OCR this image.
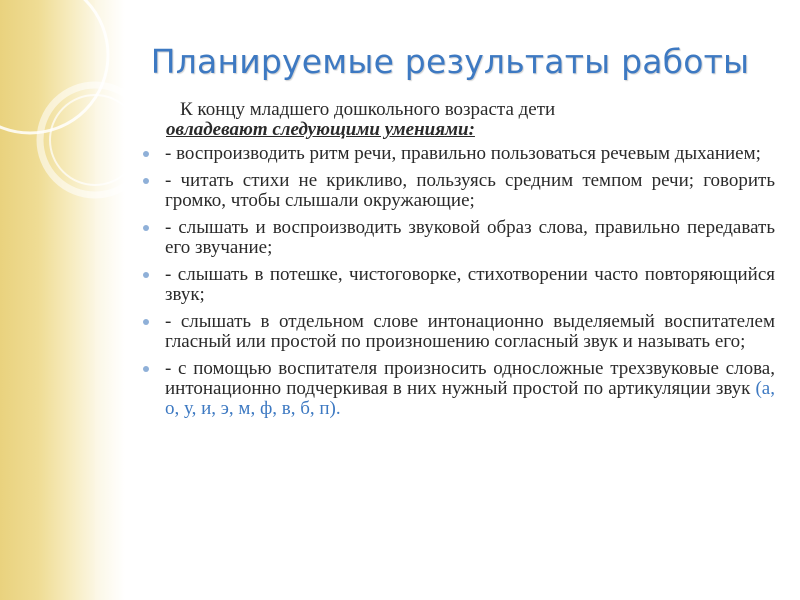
Планируемые результаты работы
К концу младшего дошкольного возраста дети
овладевают следующими умениями:
- воспроизводить ритм речи, правильно пользоваться речевым дыханием;
- читать стихи не крикливо, пользуясь средним темпом речи; говорить громко, чтобы слышали окружающие;
- слышать и воспроизводить звуковой образ слова, правильно передавать его звучание;
- слышать в потешке, чистоговорке, стихотворении часто повторяющийся звук;
- слышать в отдельном слове интонационно выделяемый воспитателем гласный или простой по произношению согласный звук и называть его;
- с помощью воспитателя произносить односложные трехзвуковые слова, интонационно подчеркивая в них нужный простой по артикуляции звук (а, о, у, и, э, м, ф, в, б, п).
